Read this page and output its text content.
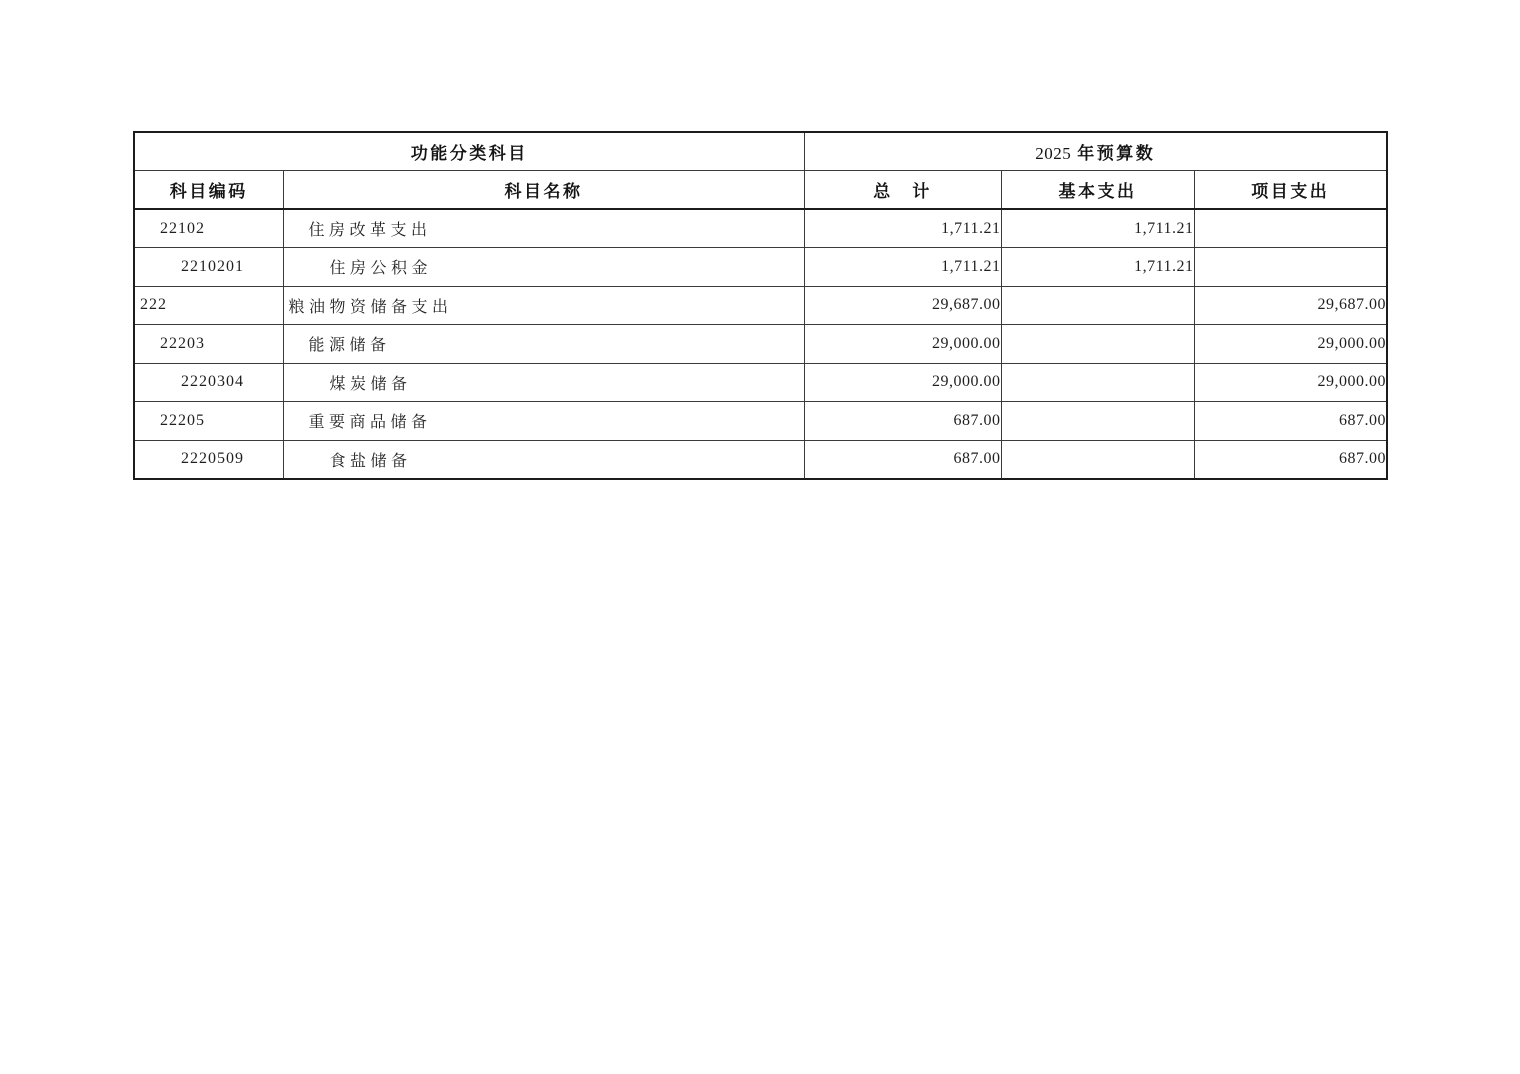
功能分类科目		2025 年预算数		
科目编码	科目名称	总　计	基本支出	项目支出
22102	住房改革支出	1,711.21	1,711.21	
2210201	住房公积金	1,711.21	1,711.21	
222	粮油物资储备支出	29,687.00		29,687.00
22203	能源储备	29,000.00		29,000.00
2220304	煤炭储备	29,000.00		29,000.00
22205	重要商品储备	687.00		687.00
2220509	食盐储备	687.00		687.00
